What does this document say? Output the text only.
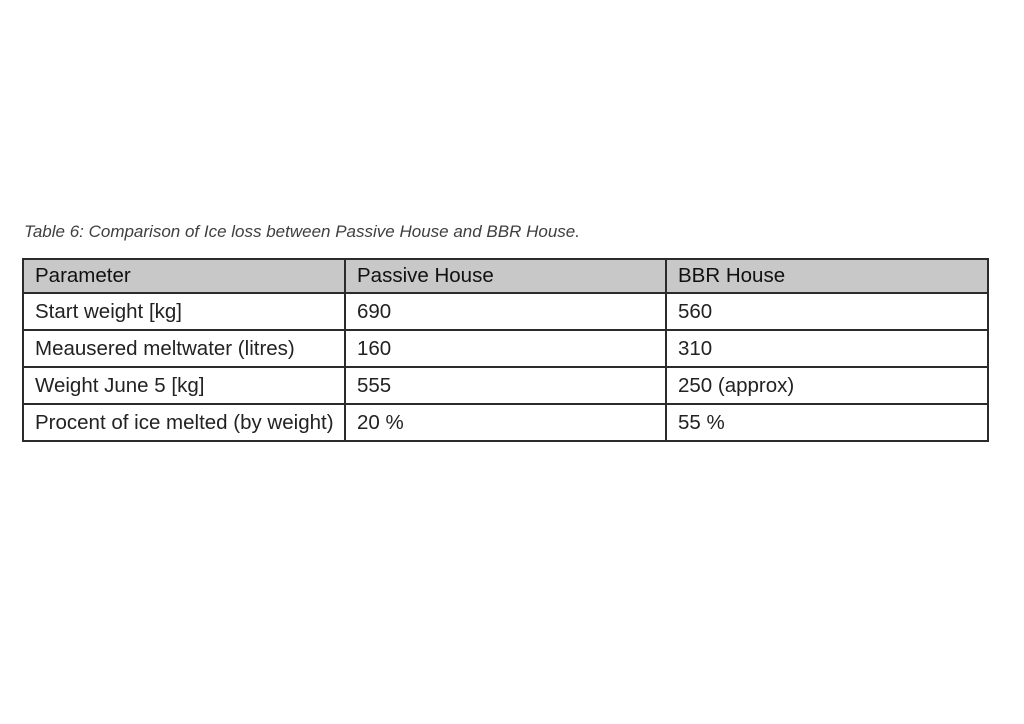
Table 6: Comparison of Ice loss between Passive House and BBR House.
Parameter	Passive House	BBR House
Start weight [kg]	690	560
Meausered meltwater (litres)	160	310
Weight June 5 [kg]	555	250 (approx)
Procent of ice melted (by weight)	20 %	55 %
